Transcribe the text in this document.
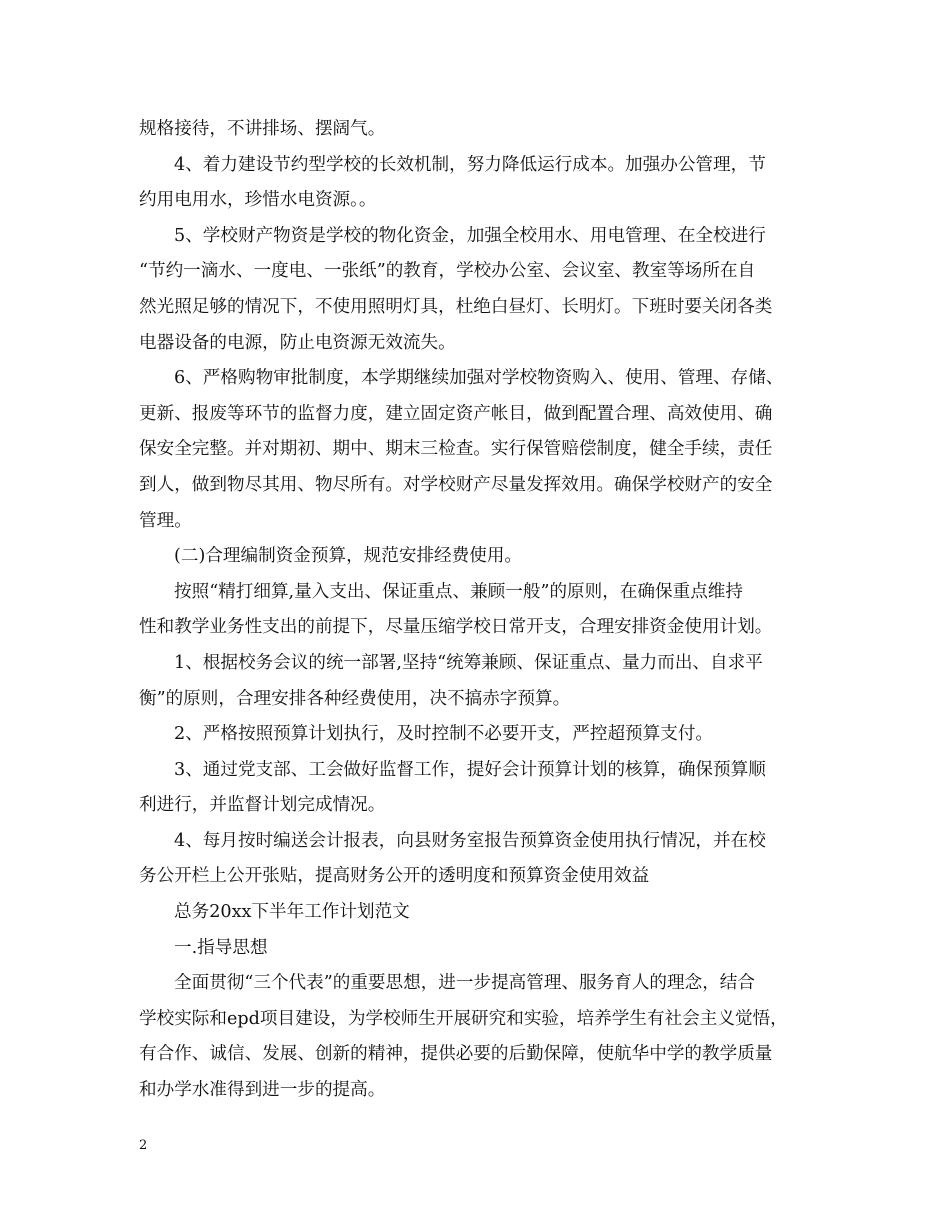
规格接待，不讲排场、摆阔气。
4、着力建设节约型学校的长效机制，努力降低运行成本。加强办公管理，节
约用电用水，珍惜水电资源。。
5、学校财产物资是学校的物化资金，加强全校用水、用电管理、在全校进行
“节约一滴水、一度电、一张纸”的教育，学校办公室、会议室、教室等场所在自
然光照足够的情况下，不使用照明灯具，杜绝白昼灯、长明灯。下班时要关闭各类
电器设备的电源，防止电资源无效流失。
6、严格购物审批制度，本学期继续加强对学校物资购入、使用、管理、存储、
更新、报废等环节的监督力度，建立固定资产帐目，做到配置合理、高效使用、确
保安全完整。并对期初、期中、期末三检查。实行保管赔偿制度，健全手续，责任
到人，做到物尽其用、物尽所有。对学校财产尽量发挥效用。确保学校财产的安全
管理。
(二)合理编制资金预算，规范安排经费使用。
按照“精打细算,量入支出、保证重点、兼顾一般”的原则，在确保重点维持
性和教学业务性支出的前提下，尽量压缩学校日常开支，合理安排资金使用计划。
1、根据校务会议的统一部署,坚持“统筹兼顾、保证重点、量力而出、自求平
衡”的原则，合理安排各种经费使用，决不搞赤字预算。
2、严格按照预算计划执行，及时控制不必要开支，严控超预算支付。
3、通过党支部、工会做好监督工作，提好会计预算计划的核算，确保预算顺
利进行，并监督计划完成情况。
4、每月按时编送会计报表，向县财务室报告预算资金使用执行情况，并在校
务公开栏上公开张贴，提高财务公开的透明度和预算资金使用效益
总务20xx下半年工作计划范文
一.指导思想
全面贯彻“三个代表”的重要思想，进一步提高管理、服务育人的理念，结合
学校实际和epd项目建设，为学校师生开展研究和实验，培养学生有社会主义觉悟，
有合作、诚信、发展、创新的精神，提供必要的后勤保障，使航华中学的教学质量
和办学水准得到进一步的提高。
2
